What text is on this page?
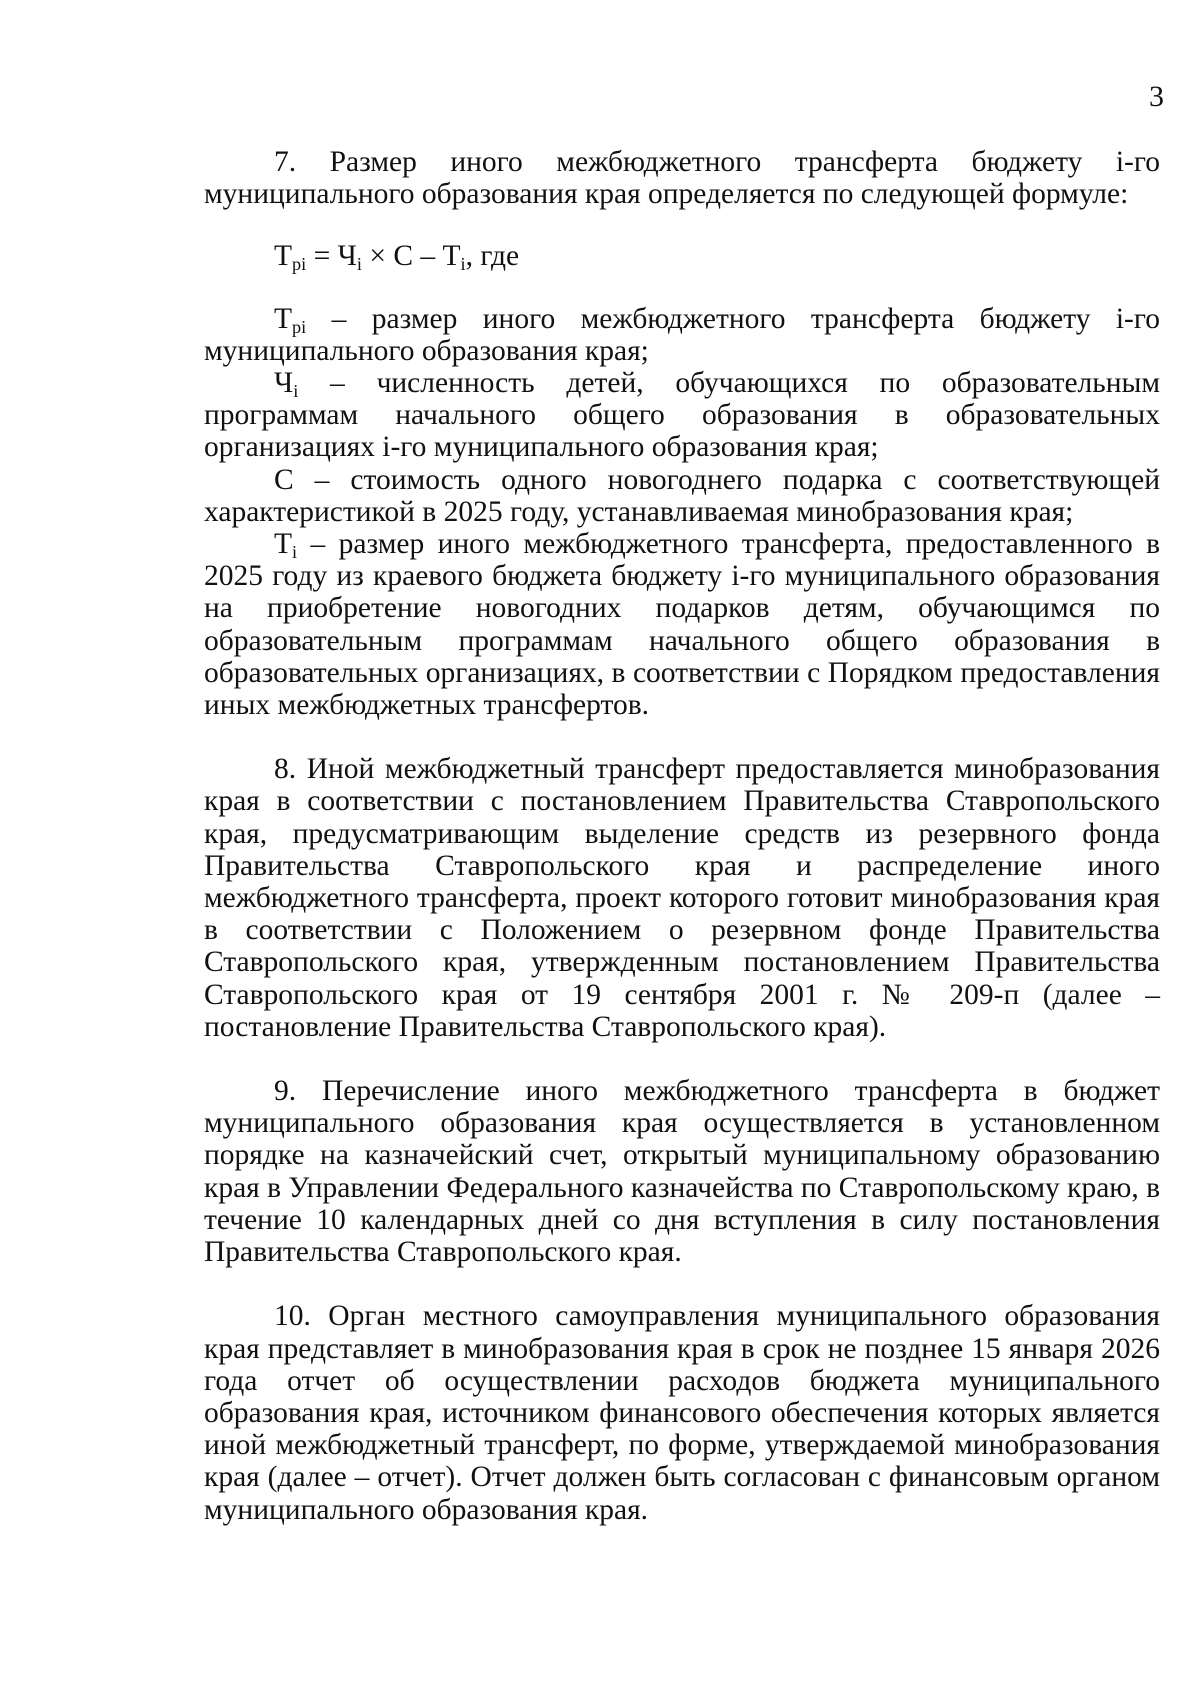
3

7. Размер иного межбюджетного трансферта бюджету i-го муниципального образования края определяется по следующей формуле:

$Т_{рi} = Ч_i \times С - Т_i$, где

$Т_{рi}$ – размер иного межбюджетного трансферта бюджету i-го муниципального образования края;

$Ч_i$ – численность детей, обучающихся по образовательным программам начального общего образования в образовательных организациях i-го муниципального образования края;

С – стоимость одного новогоднего подарка с соответствующей характеристикой в 2025 году, устанавливаемая минобразования края;

$Т_i$ – размер иного межбюджетного трансферта, предоставленного в 2025 году из краевого бюджета бюджету i-го муниципального образования на приобретение новогодних подарков детям, обучающимся по образовательным программам начального общего образования в образовательных организациях, в соответствии с Порядком предоставления иных межбюджетных трансфертов.

8. Иной межбюджетный трансферт предоставляется минобразования края в соответствии с постановлением Правительства Ставропольского края, предусматривающим выделение средств из резервного фонда Правительства Ставропольского края и распределение иного межбюджетного трансферта, проект которого готовит минобразования края в соответствии с Положением о резервном фонде Правительства Ставропольского края, утвержденным постановлением Правительства Ставропольского края от 19 сентября 2001 г. № 209-п (далее – постановление Правительства Ставропольского края).

9. Перечисление иного межбюджетного трансферта в бюджет муниципального образования края осуществляется в установленном порядке на казначейский счет, открытый муниципальному образованию края в Управлении Федерального казначейства по Ставропольскому краю, в течение 10 календарных дней со дня вступления в силу постановления Правительства Ставропольского края.

10. Орган местного самоуправления муниципального образования края представляет в минобразования края в срок не позднее 15 января 2026 года отчет об осуществлении расходов бюджета муниципального образования края, источником финансового обеспечения которых является иной межбюджетный трансферт, по форме, утверждаемой минобразования края (далее – отчет). Отчет должен быть согласован с финансовым органом муниципального образования края.
